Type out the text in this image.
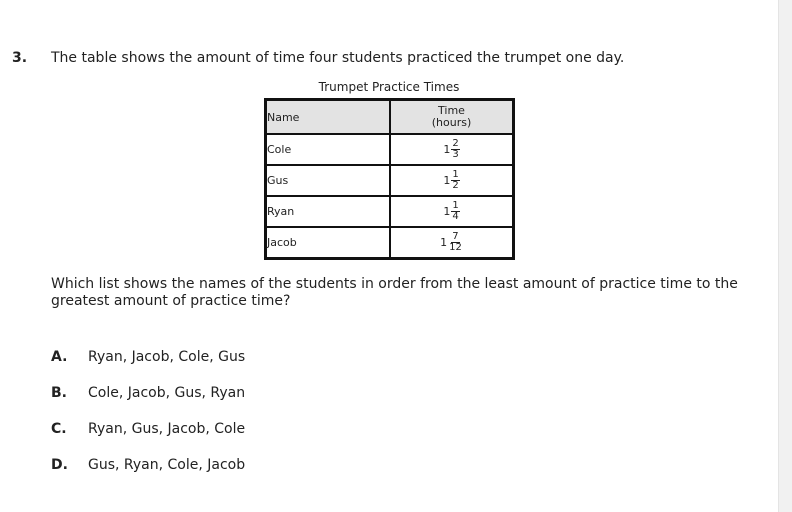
3. The table shows the amount of time four students practiced the trumpet one day.
Trumpet Practice Times
Name	Time
(hours)
Cole	$1 \frac{2}{3}$

Gus	$1 \frac{1}{2}$

Ryan	$1 \frac{1}{4}$

Jacob	$1 \frac{7}{12}$
Which list shows the names of the students in order from the least amount of practice time to the greatest amount of practice time?
A.	Ryan, Jacob, Cole, Gus
B.	Cole, Jacob, Gus, Ryan
C.	Ryan, Gus, Jacob, Cole
D.	Gus, Ryan, Cole, Jacob
